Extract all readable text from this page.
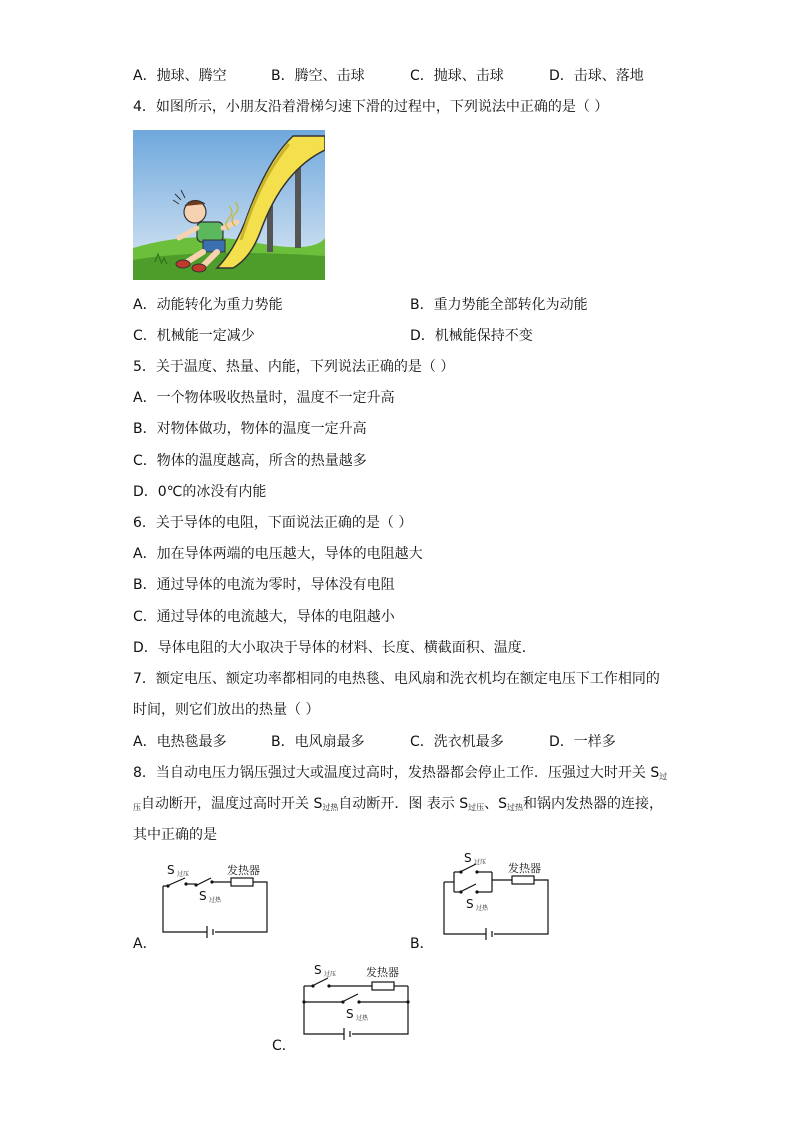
A．抛球、腾空	B．腾空、击球	C．抛球、击球	D．击球、落地
4．如图所示，小朋友沿着滑梯匀速下滑的过程中，下列说法中正确的是（ ）
A．动能转化为重力势能	B．重力势能全部转化为动能
C．机械能一定减少	D．机械能保持不变
5．关于温度、热量、内能，下列说法正确的是（ ）
A．一个物体吸收热量时，温度不一定升高
B．对物体做功，物体的温度一定升高
C．物体的温度越高，所含的热量越多
D．0℃的冰没有内能
6．关于导体的电阻，下面说法正确的是（ ）
A．加在导体两端的电压越大，导体的电阻越大
B．通过导体的电流为零时，导体没有电阻
C．通过导体的电流越大，导体的电阻越小
D．导体电阻的大小取决于导体的材料、长度、横截面积、温度．
7．额定电压、额定功率都相同的电热毯、电风扇和洗衣机均在额定电压下工作相同的
时间，则它们放出的热量（ ）
A．电热毯最多	B．电风扇最多	C．洗衣机最多	D．一样多
8．当自动电压力锅压强过大或温度过高时，发热器都会停止工作．压强过大时开关 $S_过$
$_压$自动断开，温度过高时开关 $S_{过热}$自动断开．图 表示 $S_{过压}$、$S_{过热}$和锅内发热器的连接，
其中正确的是
S 过压
S 过热
发热器
A．
S 过压
S 过热
发热器
B．
S 过压
S 过热
发热器
C．
